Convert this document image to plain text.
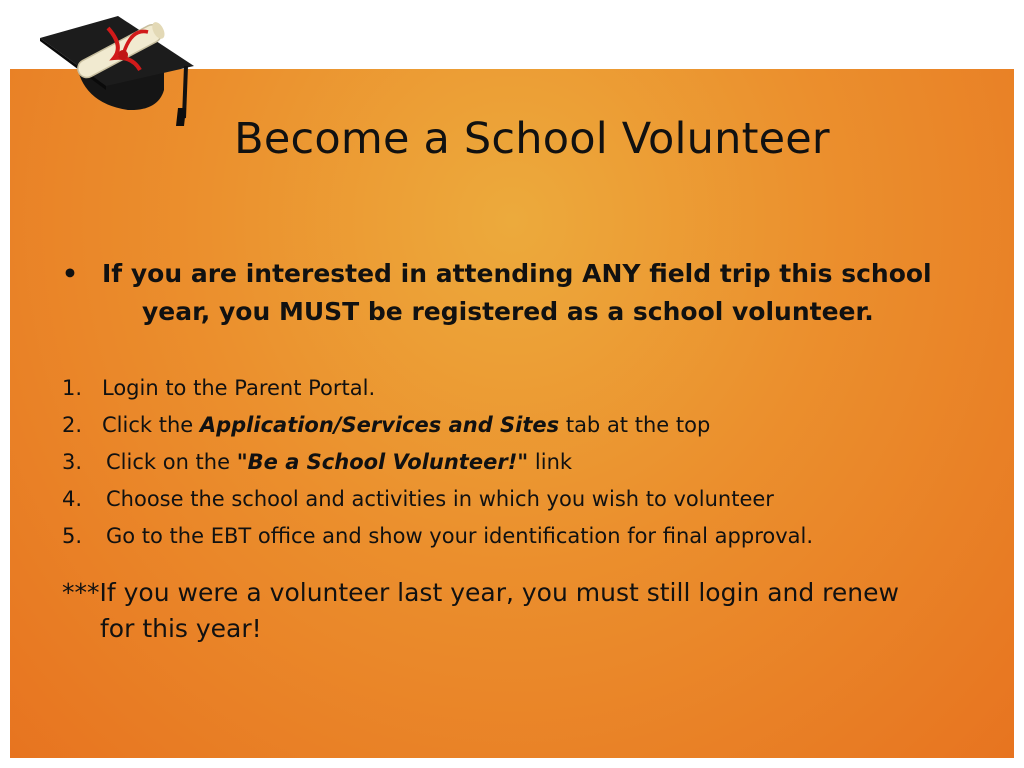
Become a School Volunteer
• If you are interested in attending ANY field trip this school
year, you MUST be registered as a school volunteer.
1. Login to the Parent Portal.
2. Click the Application/Services and Sites tab at the top
3. Click on the "Be a School Volunteer!" link
4. Choose the school and activities in which you wish to volunteer
5. Go to the EBT office and show your identification for final approval.
***If you were a volunteer last year, you must still login and renew
for this year!
